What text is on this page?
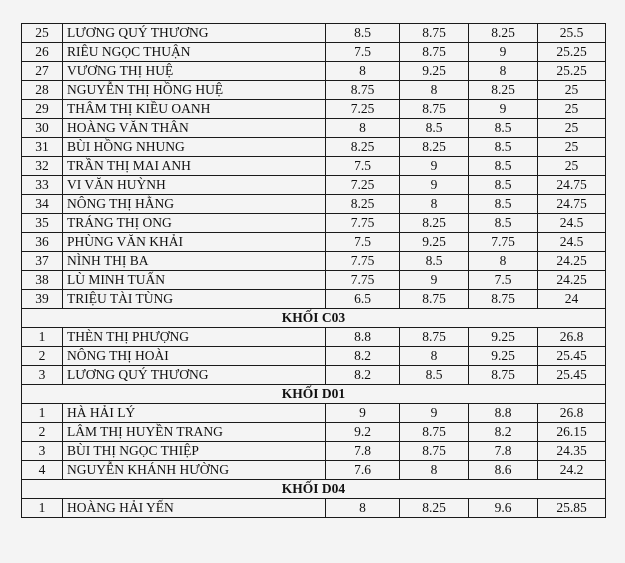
25	LƯƠNG QUÝ THƯƠNG	8.5	8.75	8.25	25.5
26	RIÊU NGỌC THUẬN	7.5	8.75	9	25.25
27	VƯƠNG THỊ HUỆ	8	9.25	8	25.25
28	NGUYỄN THỊ HỒNG HUỆ	8.75	8	8.25	25
29	THÂM THỊ KIỀU OANH	7.25	8.75	9	25
30	HOÀNG VĂN THÂN	8	8.5	8.5	25
31	BÙI HỒNG NHUNG	8.25	8.25	8.5	25
32	TRẦN THỊ MAI ANH	7.5	9	8.5	25
33	VI VĂN HUỲNH	7.25	9	8.5	24.75
34	NÔNG THỊ HẰNG	8.25	8	8.5	24.75
35	TRÁNG THỊ ONG	7.75	8.25	8.5	24.5
36	PHÙNG VĂN KHẢI	7.5	9.25	7.75	24.5
37	NÌNH THỊ BA	7.75	8.5	8	24.25
38	LÙ MINH TUẤN	7.75	9	7.5	24.25
39	TRIỆU TÀI TÙNG	6.5	8.75	8.75	24
KHỐI C03					
1	THÈN THỊ PHƯỢNG	8.8	8.75	9.25	26.8
2	NÔNG THỊ HOÀI	8.2	8	9.25	25.45
3	LƯƠNG QUÝ THƯƠNG	8.2	8.5	8.75	25.45
KHỐI D01					
1	HÀ HẢI LÝ	9	9	8.8	26.8
2	LÂM THỊ HUYỀN TRANG	9.2	8.75	8.2	26.15
3	BÙI THỊ NGỌC THIỆP	7.8	8.75	7.8	24.35
4	NGUYỄN KHÁNH HƯỜNG	7.6	8	8.6	24.2
KHỐI D04					
1	HOÀNG HẢI YẾN	8	8.25	9.6	25.85
